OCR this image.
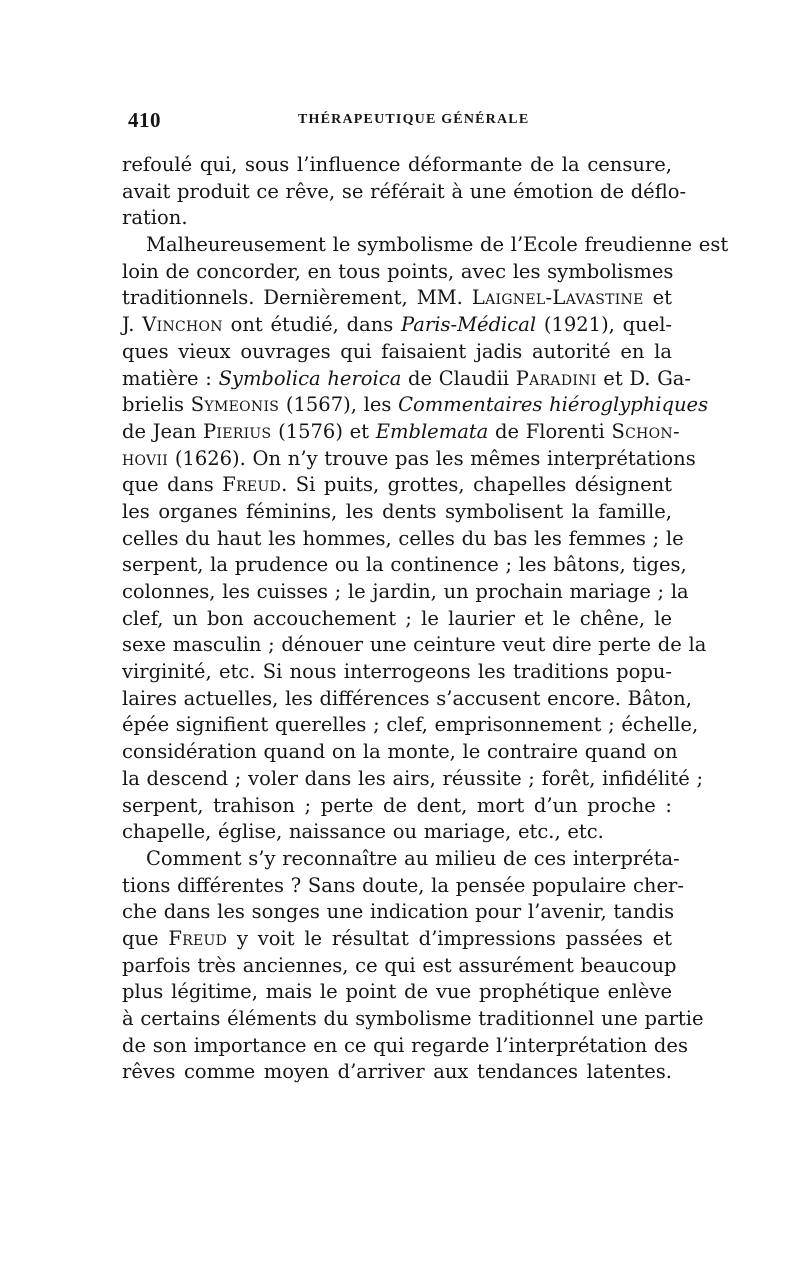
410	THÉRAPEUTIQUE GÉNÉRALE
refoulé qui, sous l’influence déformante de la censure,
avait produit ce rêve, se référait à une émotion de déflo-
ration.
Malheureusement le symbolisme de l’Ecole freudienne est
loin de concorder, en tous points, avec les symbolismes
traditionnels. Dernièrement, MM. Laignel-Lavastine et
J. Vinchon ont étudié, dans Paris-Médical (1921), quel-
ques vieux ouvrages qui faisaient jadis autorité en la
matière : Symbolica heroica de Claudii Paradini et D. Ga-
brielis Symeonis (1567), les Commentaires hiéroglyphiques
de Jean Pierius (1576) et Emblemata de Florenti Schon-
hovii (1626). On n’y trouve pas les mêmes interprétations
que dans Freud. Si puits, grottes, chapelles désignent
les organes féminins, les dents symbolisent la famille,
celles du haut les hommes, celles du bas les femmes ; le
serpent, la prudence ou la continence ; les bâtons, tiges,
colonnes, les cuisses ; le jardin, un prochain mariage ; la
clef, un bon accouchement ; le laurier et le chêne, le
sexe masculin ; dénouer une ceinture veut dire perte de la
virginité, etc. Si nous interrogeons les traditions popu-
laires actuelles, les différences s’accusent encore. Bâton,
épée signifient querelles ; clef, emprisonnement ; échelle,
considération quand on la monte, le contraire quand on
la descend ; voler dans les airs, réussite ; forêt, infidélité ;
serpent, trahison ; perte de dent, mort d’un proche :
chapelle, église, naissance ou mariage, etc., etc.
Comment s’y reconnaître au milieu de ces interpréta-
tions différentes ? Sans doute, la pensée populaire cher-
che dans les songes une indication pour l’avenir, tandis
que Freud y voit le résultat d’impressions passées et
parfois très anciennes, ce qui est assurément beaucoup
plus légitime, mais le point de vue prophétique enlève
à certains éléments du symbolisme traditionnel une partie
de son importance en ce qui regarde l’interprétation des
rêves comme moyen d’arriver aux tendances latentes.
